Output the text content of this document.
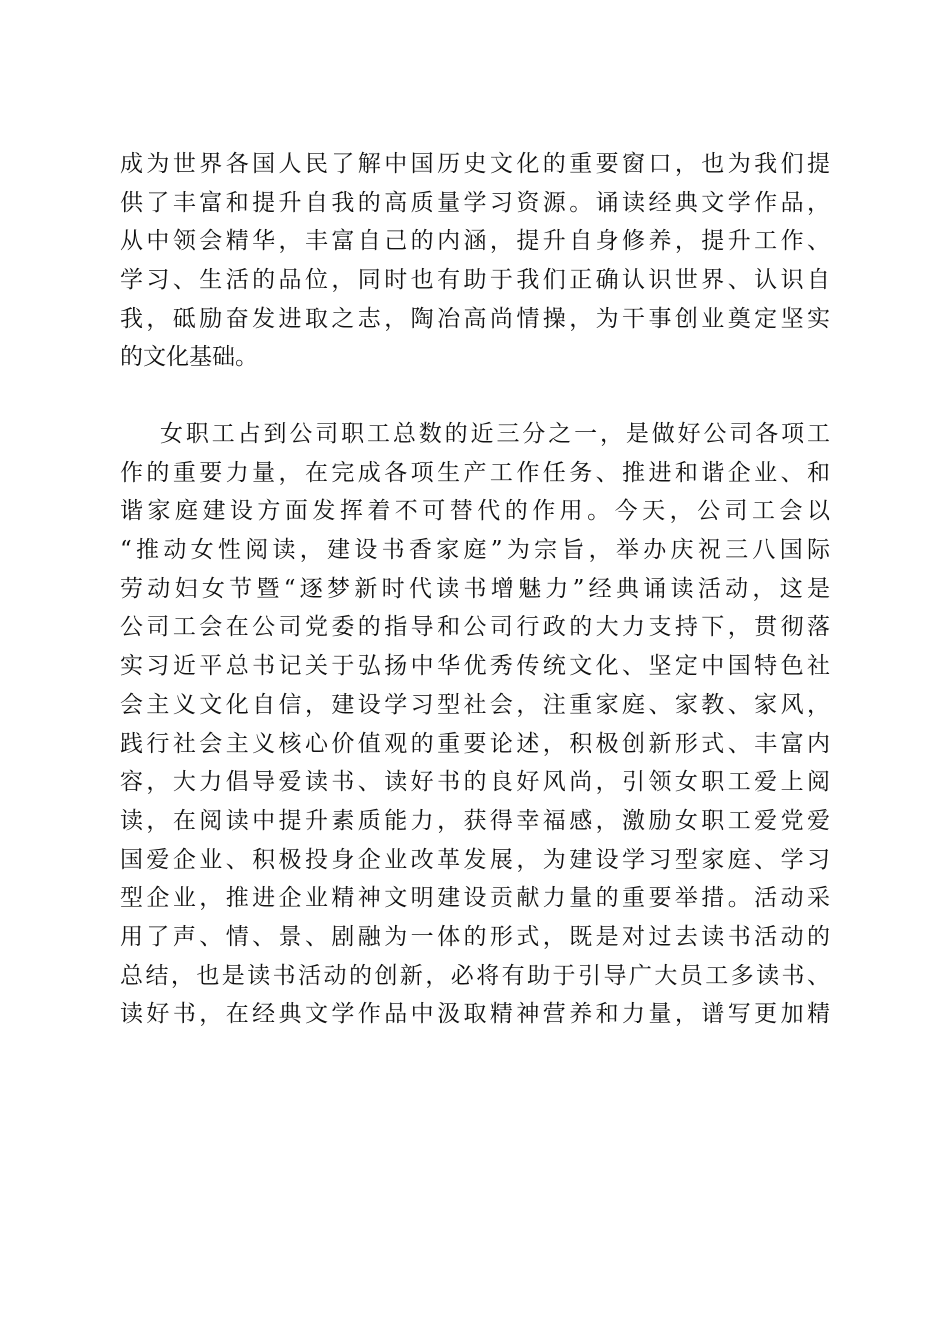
成为世界各国人民了解中国历史文化的重要窗口，也为我们提
供了丰富和提升自我的高质量学习资源。诵读经典文学作品，
从中领会精华，丰富自己的内涵，提升自身修养，提升工作、
学习、生活的品位，同时也有助于我们正确认识世界、认识自
我，砥励奋发进取之志，陶冶高尚情操，为干事创业奠定坚实
的文化基础。
女职工占到公司职工总数的近三分之一，是做好公司各项工
作的重要力量，在完成各项生产工作任务、推进和谐企业、和
谐家庭建设方面发挥着不可替代的作用。今天，公司工会以
“推动女性阅读，建设书香家庭”为宗旨，举办庆祝三八国际
劳动妇女节暨“逐梦新时代读书增魅力”经典诵读活动，这是
公司工会在公司党委的指导和公司行政的大力支持下，贯彻落
实习近平总书记关于弘扬中华优秀传统文化、坚定中国特色社
会主义文化自信，建设学习型社会，注重家庭、家教、家风，
践行社会主义核心价值观的重要论述，积极创新形式、丰富内
容，大力倡导爱读书、读好书的良好风尚，引领女职工爱上阅
读，在阅读中提升素质能力，获得幸福感，激励女职工爱党爱
国爱企业、积极投身企业改革发展，为建设学习型家庭、学习
型企业，推进企业精神文明建设贡献力量的重要举措。活动采
用了声、情、景、剧融为一体的形式，既是对过去读书活动的
总结，也是读书活动的创新，必将有助于引导广大员工多读书、
读好书，在经典文学作品中汲取精神营养和力量，谱写更加精
